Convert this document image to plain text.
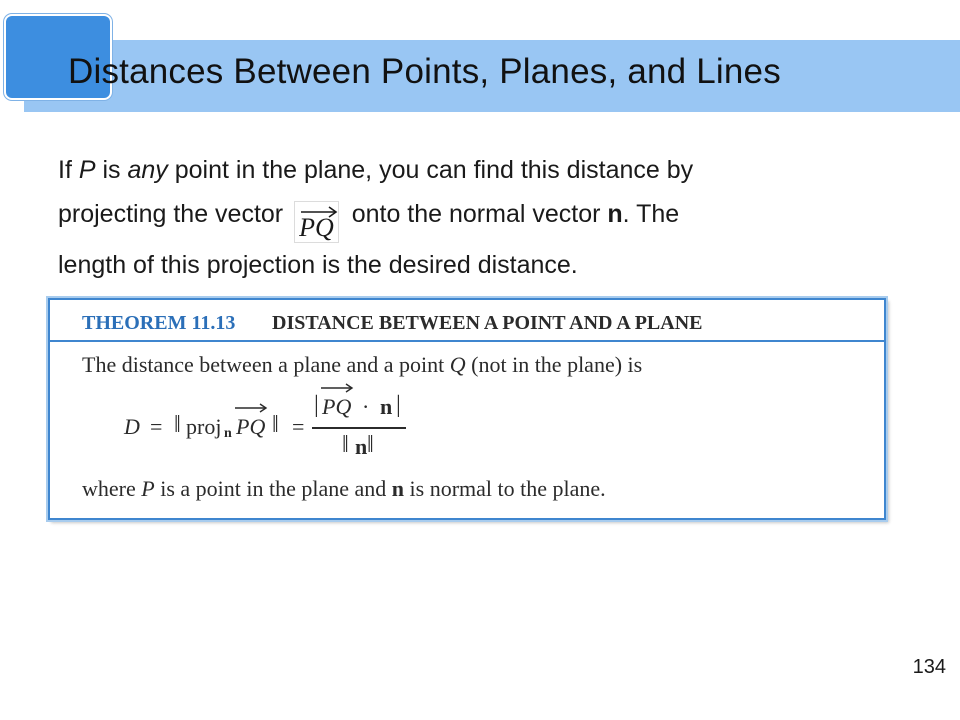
Distances Between Points, Planes, and Lines
If P is any point in the plane, you can find this distance by
projecting the vector
PQ onto the normal vector n. The
length of this projection is the desired distance.
THEOREM 11.13 DISTANCE BETWEEN A POINT AND A PLANE
The distance between a plane and a point Q (not in the plane) is
D = ‖ proj n PQ ‖ =
| PQ · n |
‖ n ‖
where P is a point in the plane and n is normal to the plane.
134
